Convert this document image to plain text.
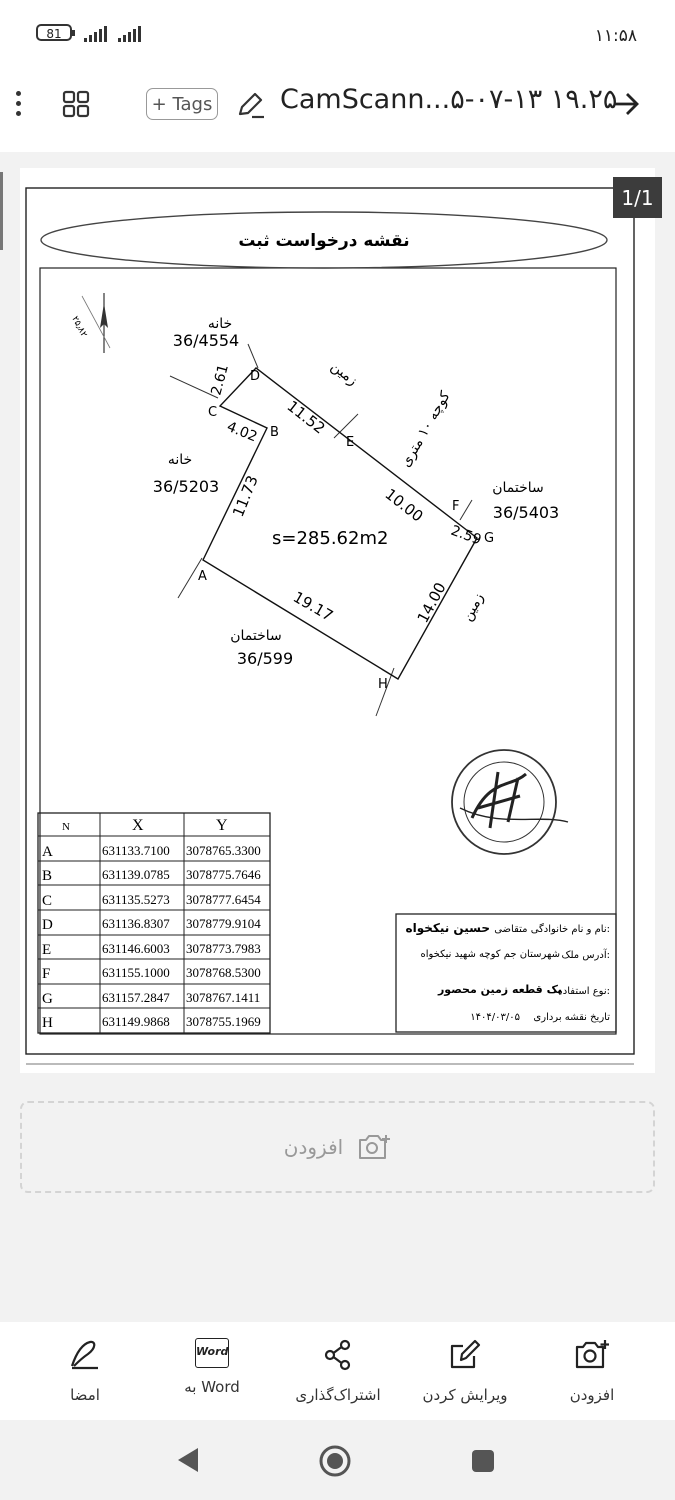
81	۱۱:۵۸
+ Tags	CamScann...۵-۰۷-۱۳ ۱۹.۲۵
نقشه درخواست ثبت
۲۵٫۸۲
A
B
C
D
E
F
G
H
2.61
4.02 11.52
10.00
2.59
14.00
19.17
11.73
s=285.62m2
خانه
36/4554
خانه
36/5203	ساختمان
36/5403
ساختمان
36/599
زمین
زمین
کوچه ۱۰ متری
N	X	Y
A	631133.7100 3078765.3300
B	631139.0785 3078775.7646
C	631135.5273 3078777.6454
D	631136.8307 3078779.9104
E	631146.6003 3078773.7983
F	631155.1000 3078768.5300
G	631157.2847 3078767.1411
H	631149.9868 3078755.1969
نام و نام خانوادگی متقاضی:
حسین نیکخواه
آدرس ملک:
شهرستان جم کوچه شهید نیکخواه
نوع استفاده:
یک قطعه زمین محصور
تاریخ نقشه برداری
۱۴۰۴/۰۳/۰۵
1/1
افزودن
امضا
Word
به Word	اشتراک‌گذاری	ویرایش کردن	افزودن
